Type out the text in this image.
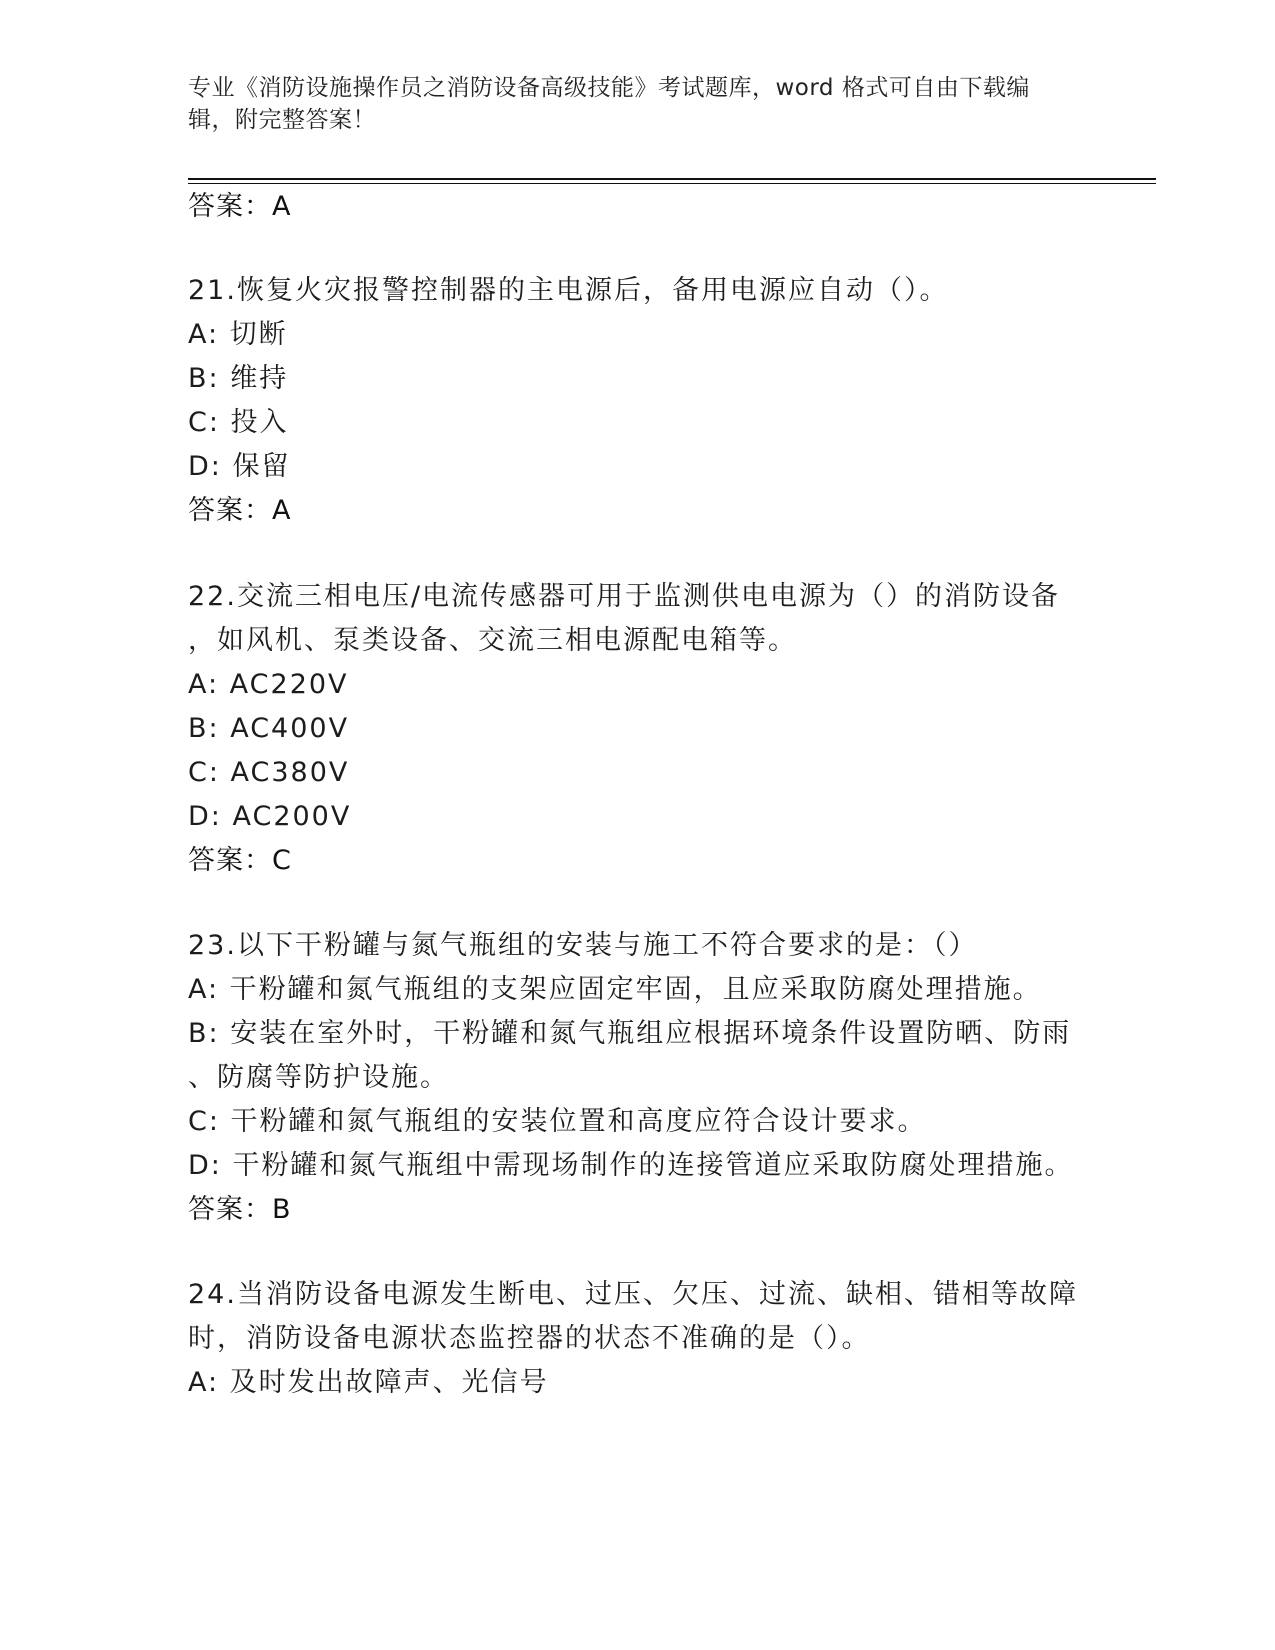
专业《消防设施操作员之消防设备高级技能》考试题库，word 格式可自由下载编
辑，附完整答案！
答案：A
21.恢复火灾报警控制器的主电源后，备用电源应自动（）。
A: 切断
B: 维持
C: 投入
D: 保留
答案：A
22.交流三相电压/电流传感器可用于监测供电电源为（）的消防设备
，如风机、泵类设备、交流三相电源配电箱等。
A: AC220V
B: AC400V
C: AC380V
D: AC200V
答案：C
23.以下干粉罐与氮气瓶组的安装与施工不符合要求的是：（）
A: 干粉罐和氮气瓶组的支架应固定牢固，且应采取防腐处理措施。
B: 安装在室外时，干粉罐和氮气瓶组应根据环境条件设置防晒、防雨
、防腐等防护设施。
C: 干粉罐和氮气瓶组的安装位置和高度应符合设计要求。
D: 干粉罐和氮气瓶组中需现场制作的连接管道应采取防腐处理措施。
答案：B
24.当消防设备电源发生断电、过压、欠压、过流、缺相、错相等故障
时，消防设备电源状态监控器的状态不准确的是（）。
A: 及时发出故障声、光信号
